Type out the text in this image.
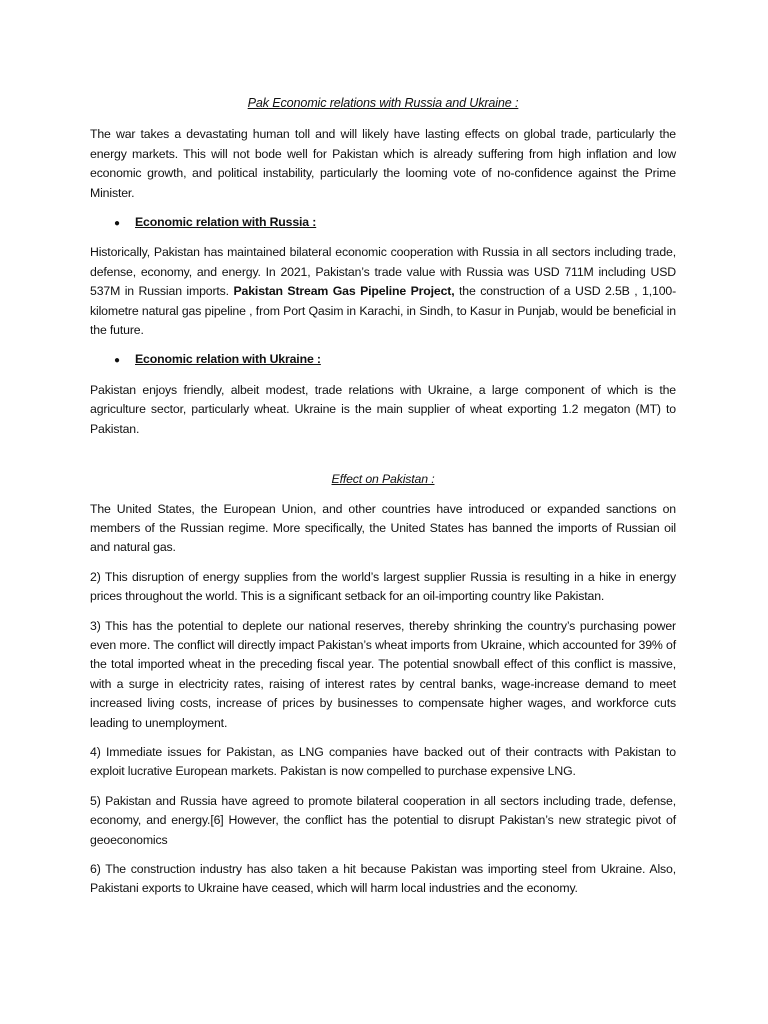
Pak Economic relations with Russia and Ukraine :

The war takes a devastating human toll and will likely have lasting effects on global trade, particularly the energy markets. This will not bode well for Pakistan which is already suffering from high inflation and low economic growth, and political instability, particularly the looming vote of no-confidence against the Prime Minister.

●	Economic relation with Russia :

Historically, Pakistan has maintained bilateral economic cooperation with Russia in all sectors including trade, defense, economy, and energy. In 2021, Pakistan’s trade value with Russia was USD 711M including USD 537M in Russian imports. Pakistan Stream Gas Pipeline Project, the construction of a USD 2.5B , 1,100-kilometre natural gas pipeline , from Port Qasim in Karachi, in Sindh, to Kasur in Punjab, would be beneficial in the future.

●	Economic relation with Ukraine :

Pakistan enjoys friendly, albeit modest, trade relations with Ukraine, a large component of which is the agriculture sector, particularly wheat. Ukraine is the main supplier of wheat exporting 1.2 megaton (MT) to Pakistan.

Effect on Pakistan :

The United States, the European Union, and other countries have introduced or expanded sanctions on members of the Russian regime. More specifically, the United States has banned the imports of Russian oil and natural gas.

2) This disruption of energy supplies from the world’s largest supplier Russia is resulting in a hike in energy prices throughout the world. This is a significant setback for an oil-importing country like Pakistan.

3) This has the potential to deplete our national reserves, thereby shrinking the country’s purchasing power even more. The conflict will directly impact Pakistan’s wheat imports from Ukraine, which accounted for 39% of the total imported wheat in the preceding fiscal year. The potential snowball effect of this conflict is massive, with a surge in electricity rates, raising of interest rates by central banks, wage-increase demand to meet increased living costs, increase of prices by businesses to compensate higher wages, and workforce cuts leading to unemployment.

4) Immediate issues for Pakistan, as LNG companies have backed out of their contracts with Pakistan to exploit lucrative European markets. Pakistan is now compelled to purchase expensive LNG.

5) Pakistan and Russia have agreed to promote bilateral cooperation in all sectors including trade, defense, economy, and energy.[6] However, the conflict has the potential to disrupt Pakistan’s new strategic pivot of geoeconomics

6) The construction industry has also taken a hit because Pakistan was importing steel from Ukraine. Also, Pakistani exports to Ukraine have ceased, which will harm local industries and the economy.
